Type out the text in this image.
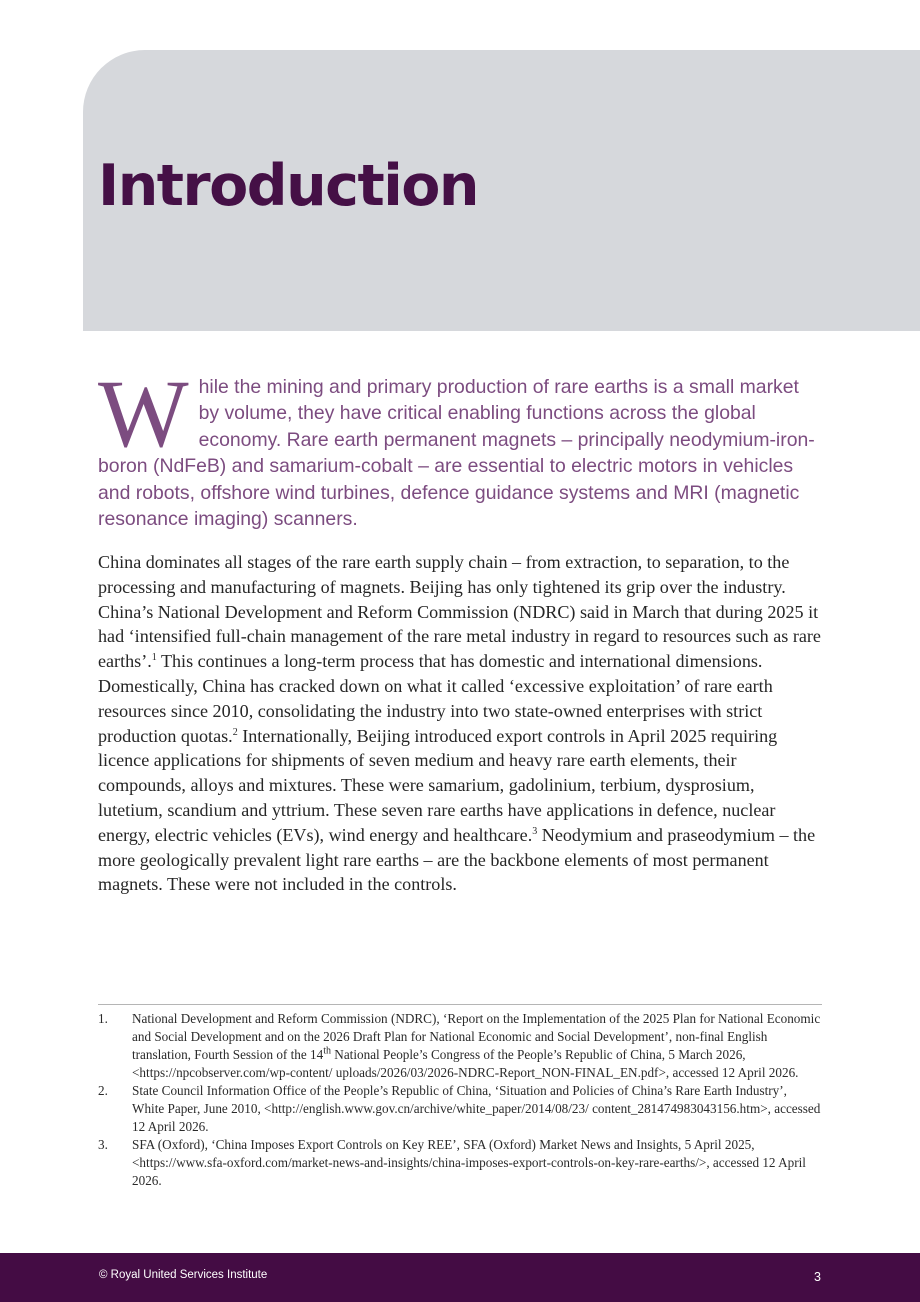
Introduction

While the mining and primary production of rare earths is a small market by volume, they have critical enabling functions across the global economy. Rare earth permanent magnets – principally neodymium-iron-boron (NdFeB) and samarium-cobalt – are essential to electric motors in vehicles and robots, offshore wind turbines, defence guidance systems and MRI (magnetic resonance imaging) scanners.

China dominates all stages of the rare earth supply chain – from extraction, to separation, to the processing and manufacturing of magnets. Beijing has only tightened its grip over the industry. China’s National Development and Reform Commission (NDRC) said in March that during 2025 it had ‘intensified full-chain management of the rare metal industry in regard to resources such as rare earths’.$^1$ This continues a long-term process that has domestic and international dimensions. Domestically, China has cracked down on what it called ‘excessive exploitation’ of rare earth resources since 2010, consolidating the industry into two state-owned enterprises with strict production quotas.$^2$ Internationally, Beijing introduced export controls in April 2025 requiring licence applications for shipments of seven medium and heavy rare earth elements, their compounds, alloys and mixtures. These were samarium, gadolinium, terbium, dysprosium, lutetium, scandium and yttrium. These seven rare earths have applications in defence, nuclear energy, electric vehicles (EVs), wind energy and healthcare.$^3$ Neodymium and praseodymium – the more geologically prevalent light rare earths – are the backbone elements of most permanent magnets. These were not included in the controls.

1. National Development and Reform Commission (NDRC), ‘Report on the Implementation of the 2025 Plan for National Economic and Social Development and on the 2026 Draft Plan for National Economic and Social Development’, non-final English translation, Fourth Session of the 14th National People’s Congress of the People’s Republic of China, 5 March 2026, <https://npcobserver.com/wp-content/ uploads/2026/03/2026-NDRC-Report_NON-FINAL_EN.pdf>, accessed 12 April 2026.
2. State Council Information Office of the People’s Republic of China, ‘Situation and Policies of China’s Rare Earth Industry’, White Paper, June 2010, <http://english.www.gov.cn/archive/white_paper/2014/08/23/ content_281474983043156.htm>, accessed 12 April 2026.
3. SFA (Oxford), ‘China Imposes Export Controls on Key REE’, SFA (Oxford) Market News and Insights, 5 April 2025, <https://www.sfa-oxford.com/market-news-and-insights/china-imposes-export-controls-on-key-rare-earths/>, accessed 12 April 2026.
© Royal United Services Institute	3
